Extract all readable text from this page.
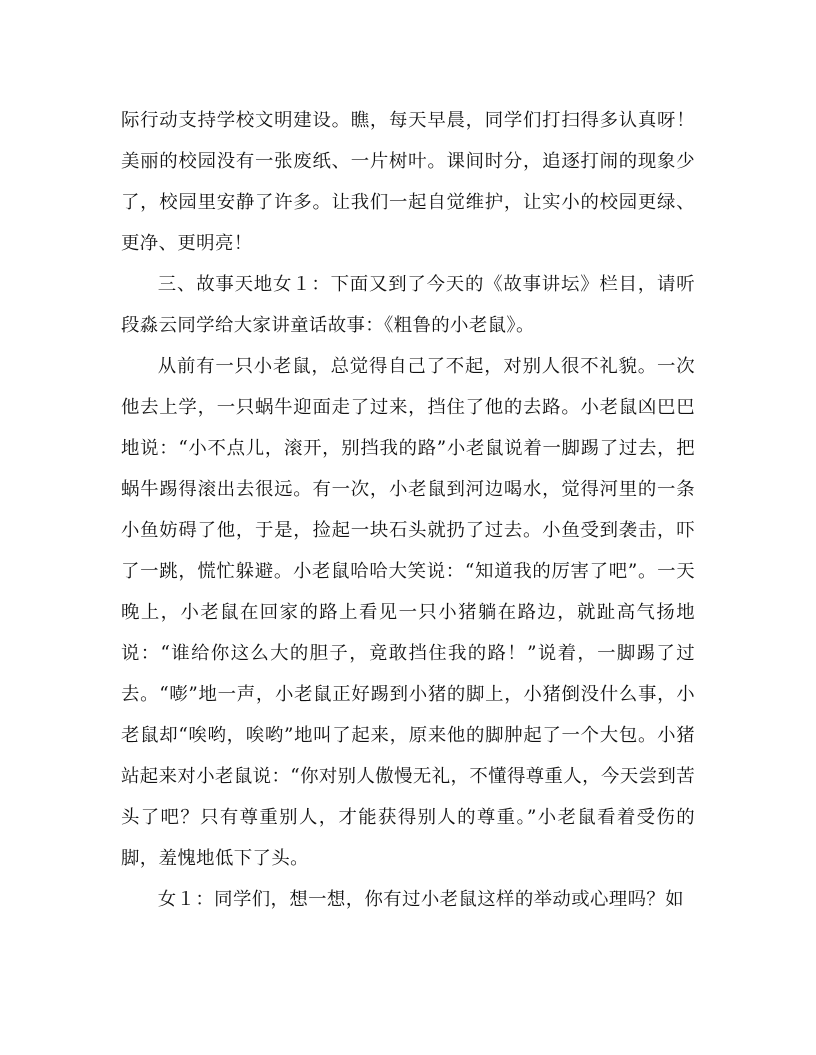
际行动支持学校文明建设。瞧，每天早晨，同学们打扫得多认真呀！美丽的校园没有一张废纸、一片树叶。课间时分，追逐打闹的现象少了，校园里安静了许多。让我们一起自觉维护，让实小的校园更绿、更净、更明亮！

三、故事天地女１：下面又到了今天的《故事讲坛》栏目，请听段淼云同学给大家讲童话故事：《粗鲁的小老鼠》。

从前有一只小老鼠，总觉得自己了不起，对别人很不礼貌。一次他去上学，一只蜗牛迎面走了过来，挡住了他的去路。小老鼠凶巴巴地说：“小不点儿，滚开，别挡我的路”小老鼠说着一脚踢了过去，把蜗牛踢得滚出去很远。有一次，小老鼠到河边喝水，觉得河里的一条小鱼妨碍了他，于是，捡起一块石头就扔了过去。小鱼受到袭击，吓了一跳，慌忙躲避。小老鼠哈哈大笑说：“知道我的厉害了吧”。一天晚上，小老鼠在回家的路上看见一只小猪躺在路边，就趾高气扬地说：“谁给你这么大的胆子，竟敢挡住我的路！”说着，一脚踢了过去。“嘭”地一声，小老鼠正好踢到小猪的脚上，小猪倒没什么事，小老鼠却“唉哟，唉哟”地叫了起来，原来他的脚肿起了一个大包。小猪站起来对小老鼠说：“你对别人傲慢无礼，不懂得尊重人，今天尝到苦头了吧？只有尊重别人，才能获得别人的尊重。”小老鼠看着受伤的脚，羞愧地低下了头。

女１：同学们，想一想，你有过小老鼠这样的举动或心理吗？如
